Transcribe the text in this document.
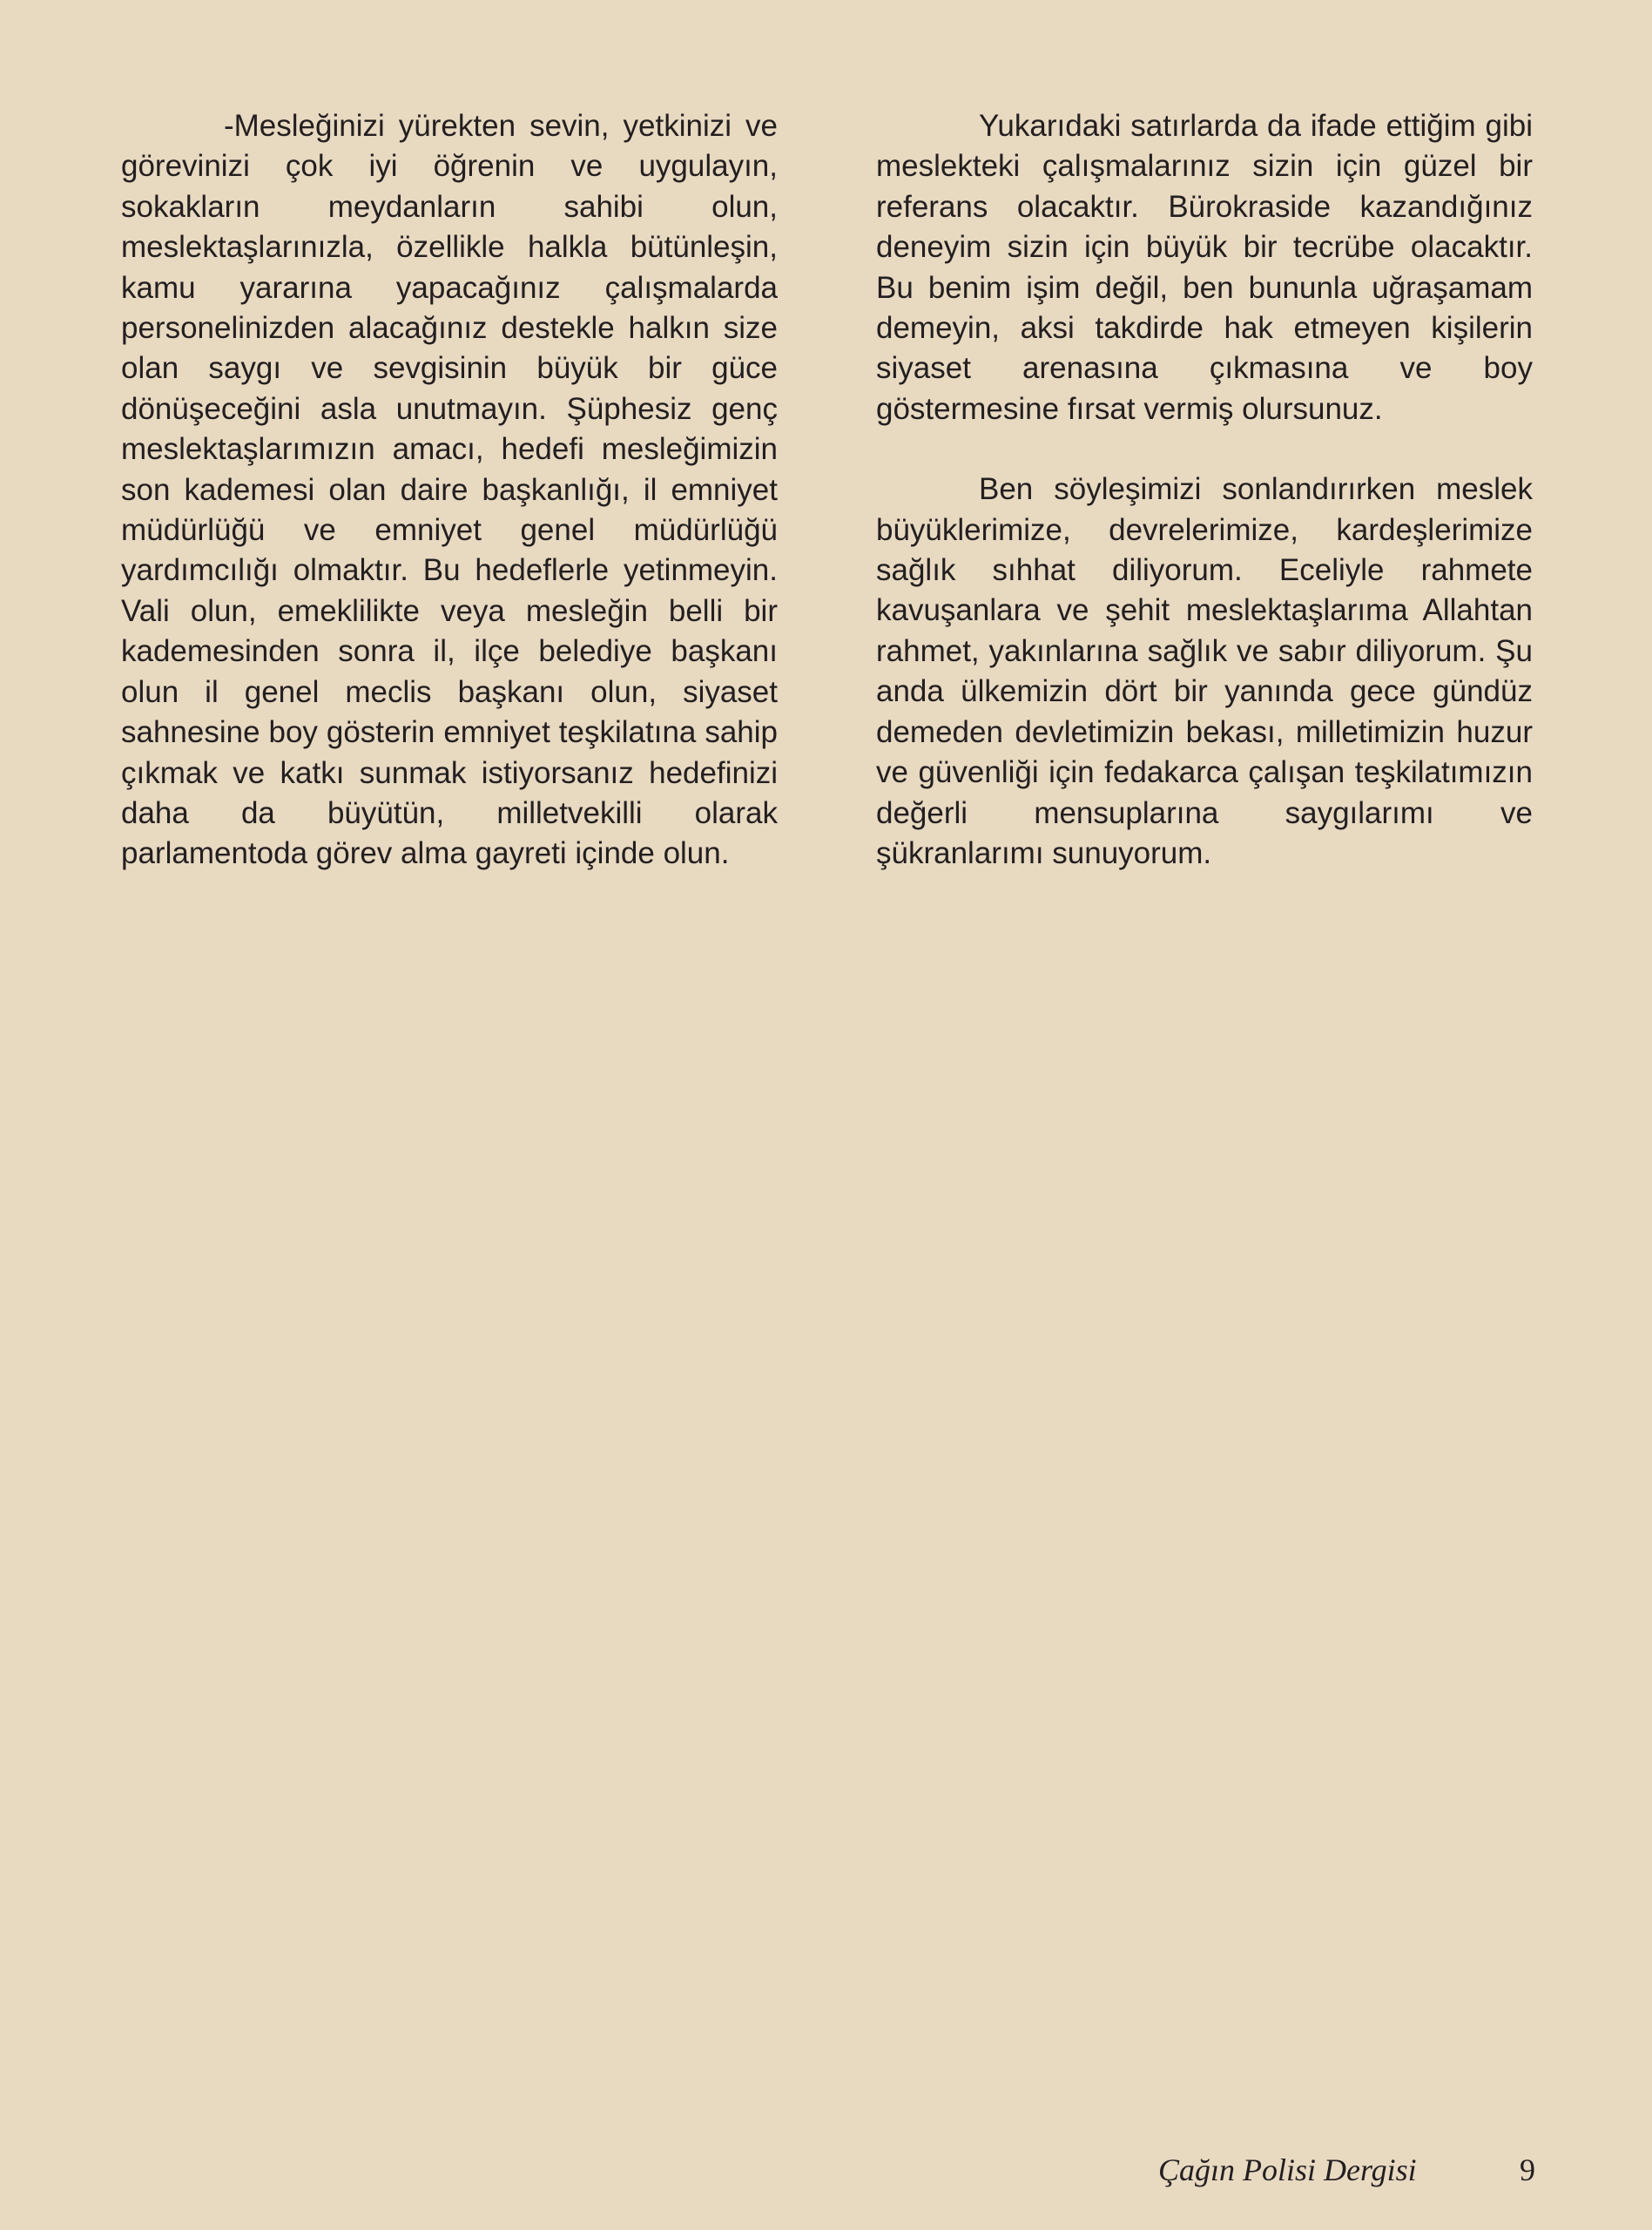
-Mesleğinizi yürekten sevin, yetkinizi ve görevinizi çok iyi öğrenin ve uygulayın, sokakların meydanların sahibi olun, meslektaşlarınızla, özellikle halkla bütünleşin, kamu yararına yapacağınız çalışmalarda personelinizden alacağınız destekle halkın size olan saygı ve sevgisinin büyük bir güce dönüşeceğini asla unutmayın. Şüphesiz genç meslektaşlarımızın amacı, hedefi mesleğimizin son kademesi olan daire başkanlığı, il emniyet müdürlüğü ve emniyet genel müdürlüğü yardımcılığı olmaktır. Bu hedeflerle yetinmeyin. Vali olun, emeklilikte veya mesleğin belli bir kademesinden sonra il, ilçe belediye başkanı olun il genel meclis başkanı olun, siyaset sahnesine boy gösterin emniyet teşkilatına sahip çıkmak ve katkı sunmak istiyorsanız hedefinizi daha da büyütün, milletvekilli olarak parlamentoda görev alma gayreti içinde olun.

Yukarıdaki satırlarda da ifade ettiğim gibi meslekteki çalışmalarınız sizin için güzel bir referans olacaktır. Bürokraside kazandığınız deneyim sizin için büyük bir tecrübe olacaktır. Bu benim işim değil, ben bununla uğraşamam demeyin, aksi takdirde hak etmeyen kişilerin siyaset arenasına çıkmasına ve boy göstermesine fırsat vermiş olursunuz.

Ben söyleşimizi sonlandırırken meslek büyüklerimize, devrelerimize, kardeşlerimize sağlık sıhhat diliyorum. Eceliyle rahmete kavuşanlara ve şehit meslektaşlarıma Allahtan rahmet, yakınlarına sağlık ve sabır diliyorum. Şu anda ülkemizin dört bir yanında gece gündüz demeden devletimizin bekası, milletimizin huzur ve güvenliği için fedakarca çalışan teşkilatımızın değerli mensuplarına saygılarımı ve şükranlarımı sunuyorum.

Çağın Polisi Dergisi	9
